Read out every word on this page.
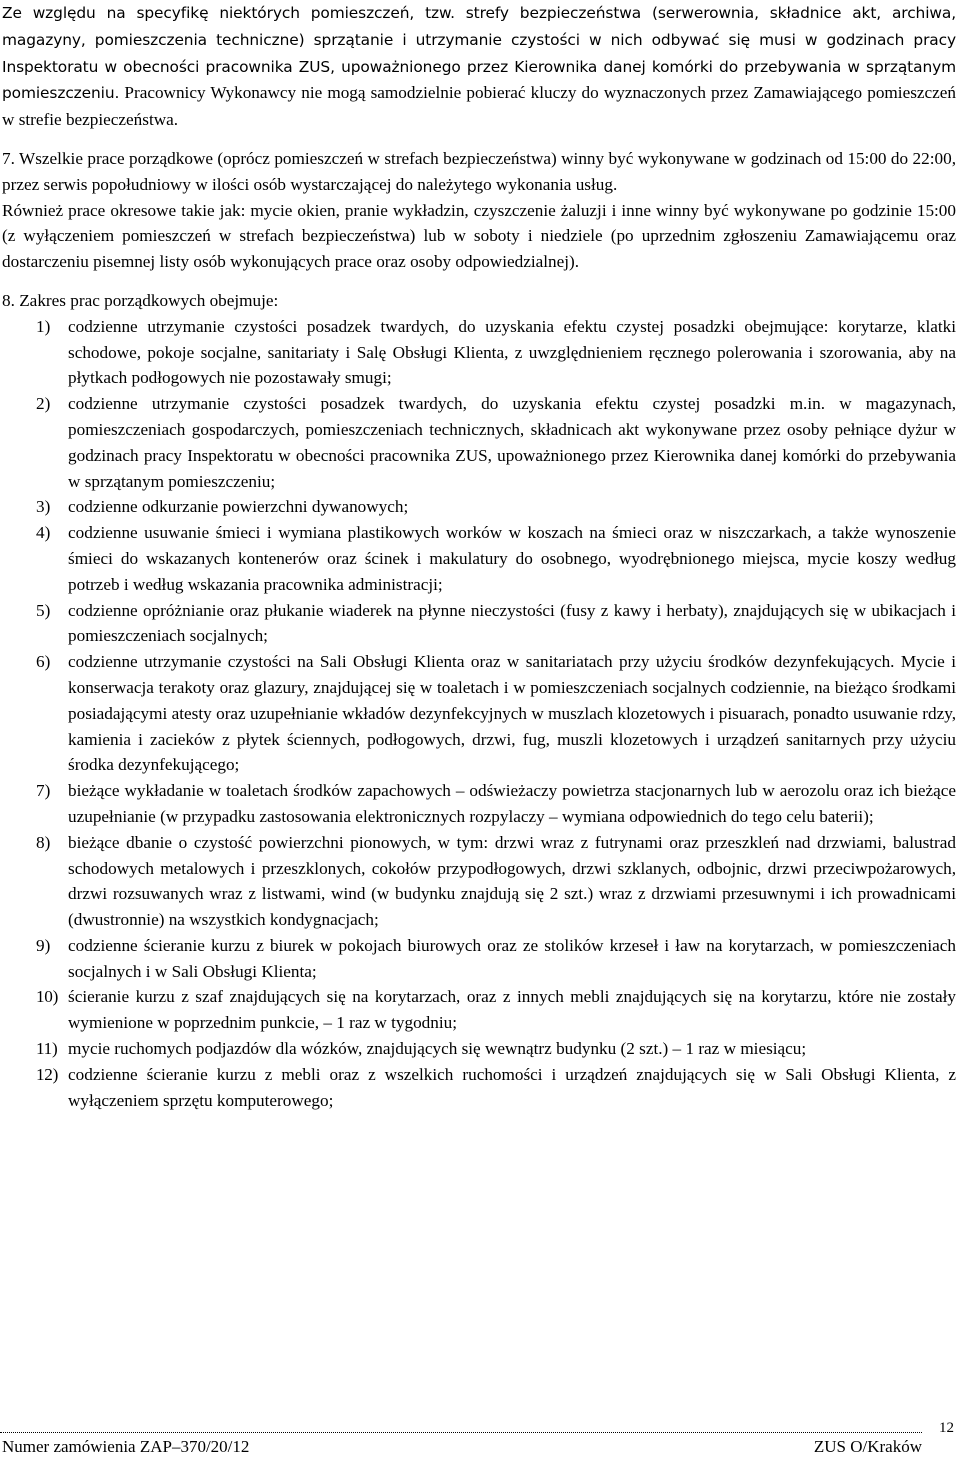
Ze względu na specyfikę niektórych pomieszczeń, tzw. strefy bezpieczeństwa (serwerownia, składnice akt, archiwa, magazyny, pomieszczenia techniczne) sprzątanie i utrzymanie czystości w nich odbywać się musi w godzinach pracy Inspektoratu w obecności pracownika ZUS, upoważnionego przez Kierownika danej komórki do przebywania w sprzątanym pomieszczeniu. Pracownicy Wykonawcy nie mogą samodzielnie pobierać kluczy do wyznaczonych przez Zamawiającego pomieszczeń w strefie bezpieczeństwa.

7. Wszelkie prace porządkowe (oprócz pomieszczeń w strefach bezpieczeństwa) winny być wykonywane w godzinach od 15:00 do 22:00, przez serwis popołudniowy w ilości osób wystarczającej do należytego wykonania usług.

Również prace okresowe takie jak: mycie okien, pranie wykładzin, czyszczenie żaluzji i inne winny być wykonywane po godzinie 15:00 (z wyłączeniem pomieszczeń w strefach bezpieczeństwa) lub w soboty i niedziele (po uprzednim zgłoszeniu Zamawiającemu oraz dostarczeniu pisemnej listy osób wykonujących prace oraz osoby odpowiedzialnej).

8. Zakres prac porządkowych obejmuje:

1)	codzienne utrzymanie czystości posadzek twardych, do uzyskania efektu czystej posadzki obejmujące: korytarze, klatki schodowe, pokoje socjalne, sanitariaty i Salę Obsługi Klienta, z uwzględnieniem ręcznego polerowania i szorowania, aby na płytkach podłogowych nie pozostawały smugi;
2)	codzienne utrzymanie czystości posadzek twardych, do uzyskania efektu czystej posadzki m.in. w magazynach, pomieszczeniach gospodarczych, pomieszczeniach technicznych, składnicach akt wykonywane przez osoby pełniące dyżur w godzinach pracy Inspektoratu w obecności pracownika ZUS, upoważnionego przez Kierownika danej komórki do przebywania w sprzątanym pomieszczeniu;
3)	codzienne odkurzanie powierzchni dywanowych;
4)	codzienne usuwanie śmieci i wymiana plastikowych worków w koszach na śmieci oraz w niszczarkach, a także wynoszenie śmieci do wskazanych kontenerów oraz ścinek i makulatury do osobnego, wyodrębnionego miejsca, mycie koszy według potrzeb i według wskazania pracownika administracji;
5)	codzienne opróżnianie oraz płukanie wiaderek na płynne nieczystości (fusy z kawy i herbaty), znajdujących się w ubikacjach i pomieszczeniach socjalnych;
6)	codzienne utrzymanie czystości na Sali Obsługi Klienta oraz w sanitariatach przy użyciu środków dezynfekujących. Mycie i konserwacja terakoty oraz glazury, znajdującej się w toaletach i w pomieszczeniach socjalnych codziennie, na bieżąco środkami posiadającymi atesty oraz uzupełnianie wkładów dezynfekcyjnych w muszlach klozetowych i pisuarach, ponadto usuwanie rdzy, kamienia i zacieków z płytek ściennych, podłogowych, drzwi, fug, muszli klozetowych i urządzeń sanitarnych przy użyciu środka dezynfekującego;
7)	bieżące wykładanie w toaletach środków zapachowych – odświeżaczy powietrza stacjonarnych lub w aerozolu oraz ich bieżące uzupełnianie (w przypadku zastosowania elektronicznych rozpylaczy – wymiana odpowiednich do tego celu baterii);
8)	bieżące dbanie o czystość powierzchni pionowych, w tym: drzwi wraz z futrynami oraz przeszkleń nad drzwiami, balustrad schodowych metalowych i przeszklonych, cokołów przypodłogowych, drzwi szklanych, odbojnic, drzwi przeciwpożarowych, drzwi rozsuwanych wraz z listwami, wind (w budynku znajdują się 2 szt.) wraz z drzwiami przesuwnymi i ich prowadnicami (dwustronnie) na wszystkich kondygnacjach;
9)	codzienne ścieranie kurzu z biurek w pokojach biurowych oraz ze stolików krzeseł i ław na korytarzach, w pomieszczeniach socjalnych i w Sali Obsługi Klienta;
10) ścieranie kurzu z szaf znajdujących się na korytarzach, oraz z innych mebli znajdujących się na korytarzu, które nie zostały wymienione w poprzednim punkcie, – 1 raz w tygodniu;
11) mycie ruchomych podjazdów dla wózków, znajdujących się wewnątrz budynku (2 szt.) – 1 raz w miesiącu;
12) codzienne ścieranie kurzu z mebli oraz z wszelkich ruchomości i urządzeń znajdujących się w Sali Obsługi Klienta, z wyłączeniem sprzętu komputerowego;
12
Numer zamówienia ZAP–370/20/12	ZUS O/Kraków
